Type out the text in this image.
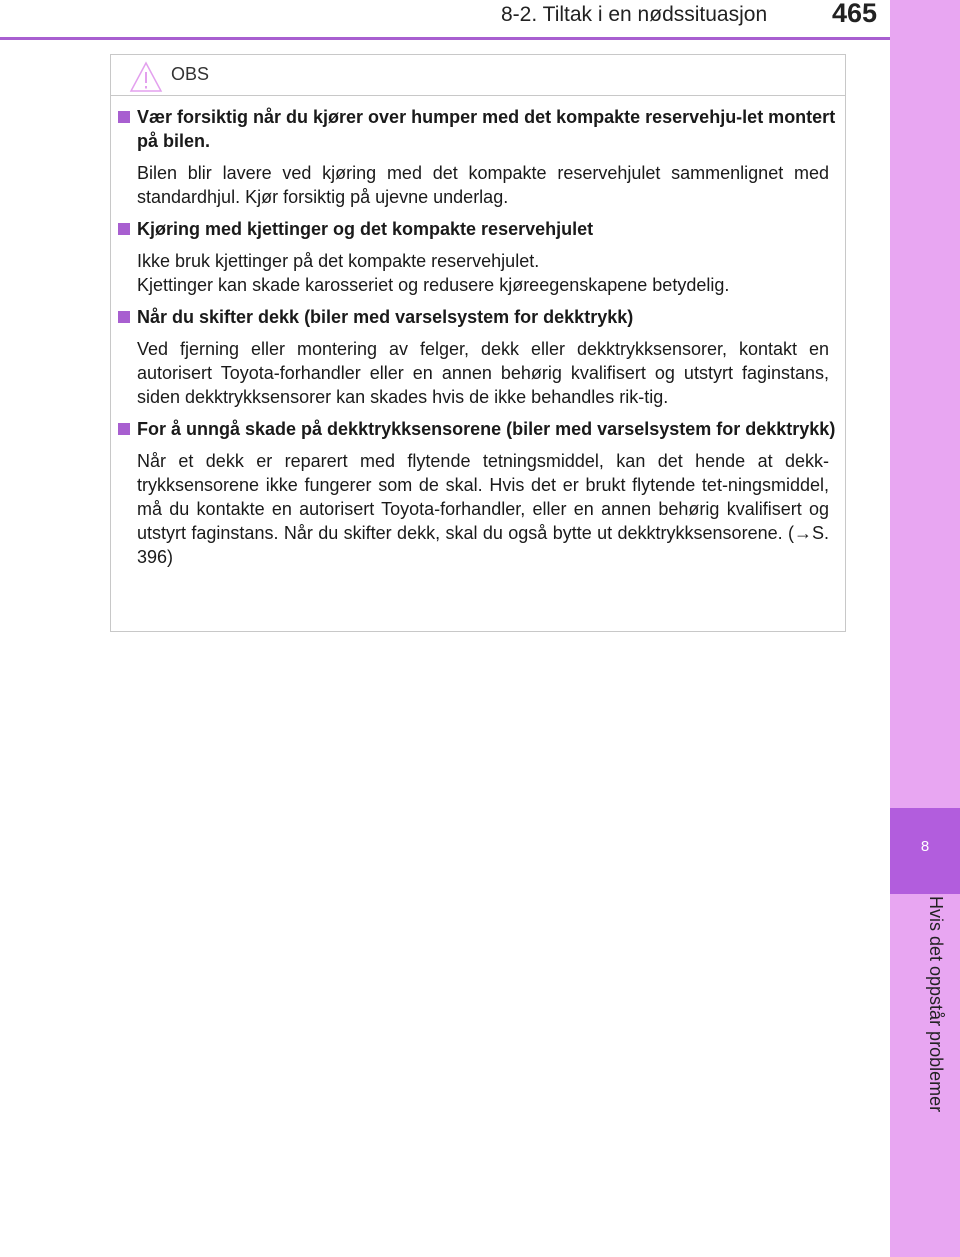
8-2. Tiltak i en nødssituasjon 465
8
Hvis det oppstår problemer
OBS
Vær forsiktig når du kjører over humper med det kompakte reservehju-let montert på bilen.
Bilen blir lavere ved kjøring med det kompakte reservehjulet sammenlignet med standardhjul. Kjør forsiktig på ujevne underlag.
Kjøring med kjettinger og det kompakte reservehjulet
Ikke bruk kjettinger på det kompakte reservehjulet.
Kjettinger kan skade karosseriet og redusere kjøreegenskapene betydelig.
Når du skifter dekk (biler med varselsystem for dekktrykk)
Ved fjerning eller montering av felger, dekk eller dekktrykksensorer, kontakt en autorisert Toyota-forhandler eller en annen behørig kvalifisert og utstyrt faginstans, siden dekktrykksensorer kan skades hvis de ikke behandles rik-tig.
For å unngå skade på dekktrykksensorene (biler med varselsystem for dekktrykk)
Når et dekk er reparert med flytende tetningsmiddel, kan det hende at dekk-trykksensorene ikke fungerer som de skal. Hvis det er brukt flytende tet-ningsmiddel, må du kontakte en autorisert Toyota-forhandler, eller en annen behørig kvalifisert og utstyrt faginstans. Når du skifter dekk, skal du også bytte ut dekktrykksensorene. (→S. 396)
